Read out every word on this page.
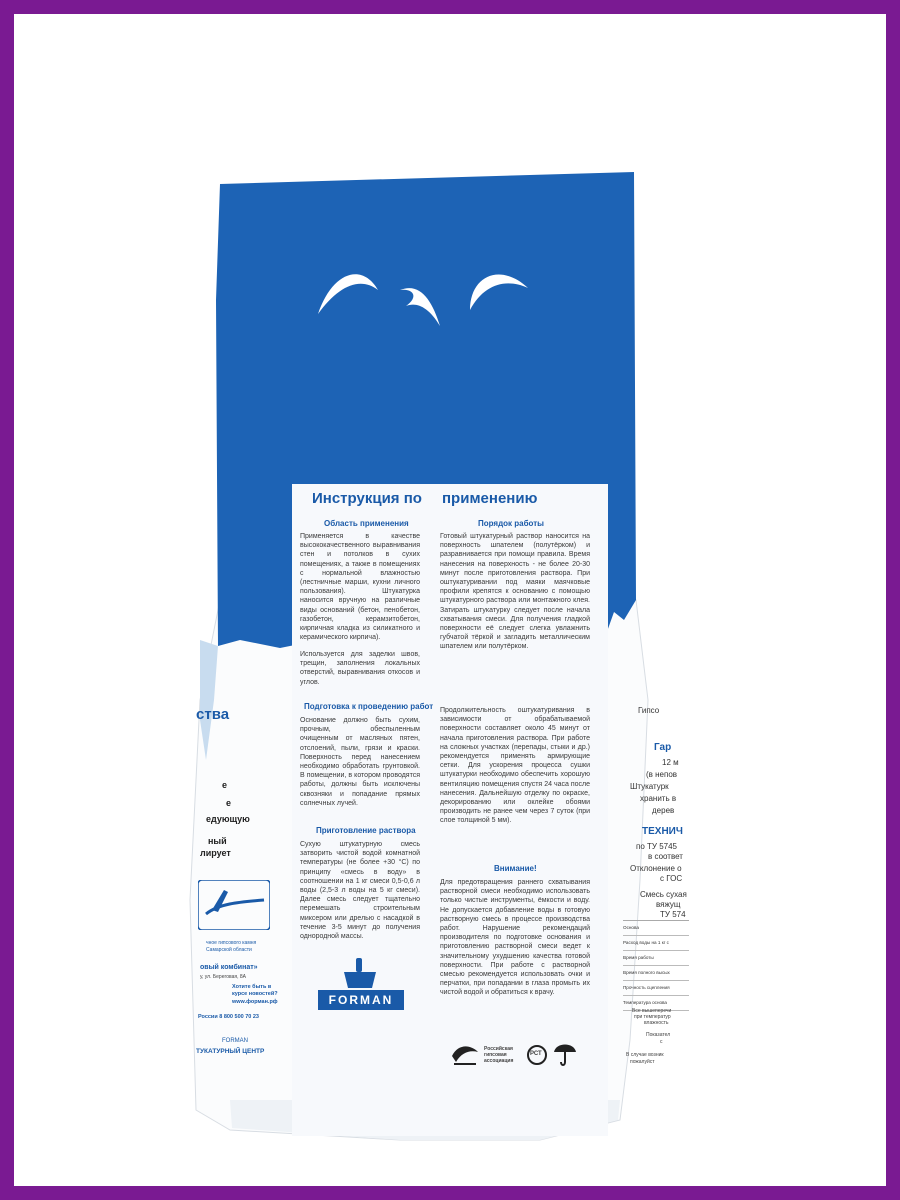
Инструкция по применению
Область применения
Применяется в качестве высококачественного выравнивания стен и потолков в сухих помещениях, а также в помещениях с нормальной влажностью (лестничные марши, кухни личного пользования). Штукатурка наносится вручную на различные виды оснований (бетон, пенобетон, газобетон, керамзитобетон, кирпичная кладка из силикатного и керамического кирпича).
Используется для заделки швов, трещин, заполнения локальных отверстий, выравнивания откосов и углов.
Подготовка к проведению работ
Основание должно быть сухим, прочным, обеспыленным очищенным от масляных пятен, отслоений, пыли, грязи и краски. Поверхность перед нанесением необходимо обработать грунтовкой. В помещении, в котором проводятся работы, должны быть исключены сквозняки и попадание прямых солнечных лучей.
Приготовление раствора
Сухую штукатурную смесь затворить чистой водой комнатной температуры (не более +30 °С) по принципу «смесь в воду» в соотношении на 1 кг смеси 0,5-0,6 л воды (2,5-3 л воды на 5 кг смеси). Далее смесь следует тщательно перемешать строительным миксером или дрелью с насадкой в течение 3-5 минут до получения однородной массы.
FORMAN
Порядок работы
Готовый штукатурный раствор наносится на поверхность шпателем (полутёрком) и разравнивается при помощи правила. Время нанесения на поверхность - не более 20-30 минут после приготовления раствора. При оштукатуривании под маяки маячковые профили крепятся к основанию с помощью штукатурного раствора или монтажного клея. Затирать штукатурку следует после начала схватывания смеси. Для получения гладкой поверхности её следует слегка увлажнить губчатой тёркой и загладить металлическим шпателем или полутёрком.
Продолжительность оштукатуривания в зависимости от обрабатываемой поверхности составляет около 45 минут от начала приготовления раствора. При работе на сложных участках (перепады, стыки и др.) рекомендуется применять армирующие сетки. Для ускорения процесса сушки штукатурки необходимо обеспечить хорошую вентиляцию помещения спустя 24 часа после нанесения. Дальнейшую отделку по окраске, декорированию или оклейке обоями производить не ранее чем через 7 суток (при слое толщиной 5 мм).
Внимание!
Для предотвращения раннего схватывания растворной смеси необходимо использовать только чистые инструменты, ёмкости и воду. Не допускается добавление воды в готовую растворную смесь в процессе производства работ. Нарушение рекомендаций производителя по подготовке основания и приготовлению растворной смеси ведет к значительному ухудшению качества готовой поверхности. При работе с растворной смесью рекомендуется использовать очки и перчатки, при попадании в глаза промыть их чистой водой и обратиться к врачу.
Российская гипсовая ассоциация
РСТ
ства
е
е
едующую
ный
лирует
чное гипсового камня
Самарской области
овый комбинат»
у, ул. Береговая, 8А
Хотите быть в
курсе новостей?
www.форман.рф
России 8 800 500 70 23
FORMAN
ТУКАТУРНЫЙ ЦЕНТР
Гипсо
Гар
12 м
(в непов
Штукатурк
хранить в
дерев
ТЕХНИЧ
по ТУ 5745
в соответ
Отклонение о
с ГОС
Смесь сухая
вяжущ
ТУ 574
Основа
Расход воды на 1 кг с
Время работы
Время полного высых
Прочность сцепления
Температура основа
Все вышеперечи
при температур
влажность
Показател
с
В случае возник
пожалуйст
